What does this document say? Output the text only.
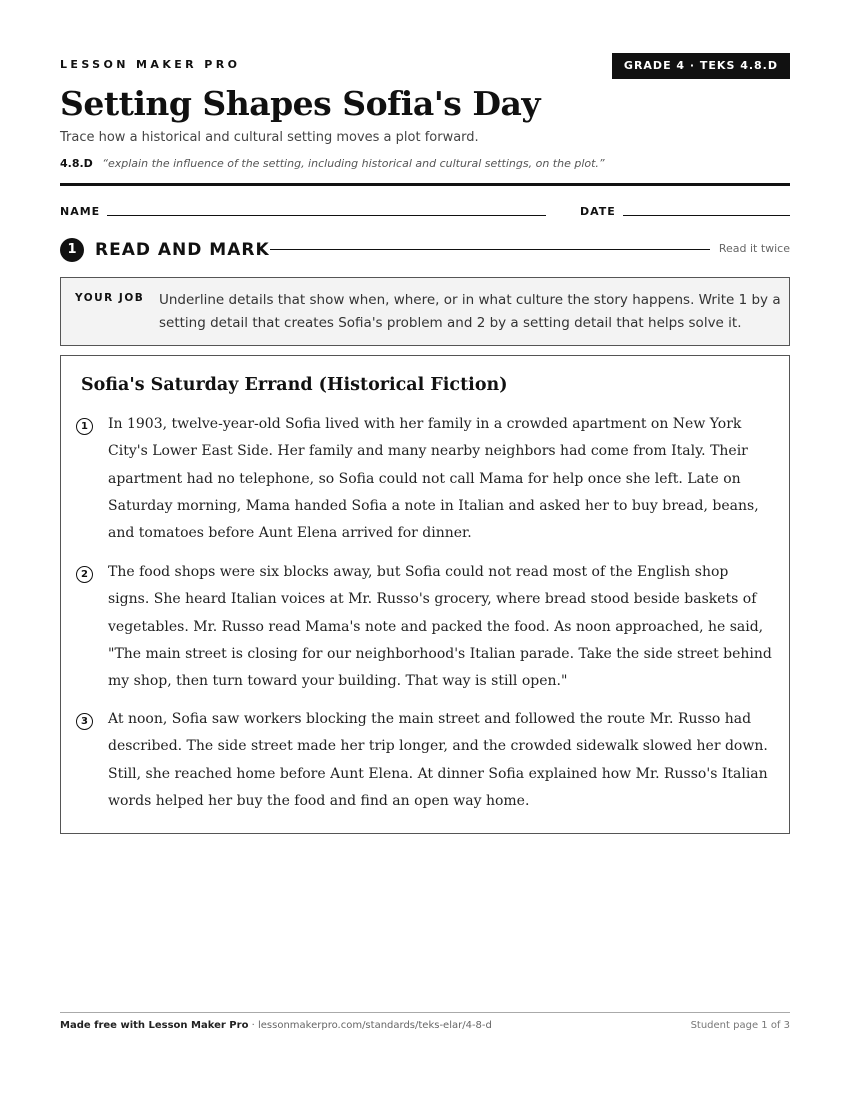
LESSON MAKER PRO	GRADE 4 · TEKS 4.8.D
Setting Shapes Sofia's Day
Trace how a historical and cultural setting moves a plot forward.
4.8.D “explain the influence of the setting, including historical and cultural settings, on the plot.”
NAME	DATE
1	READ AND MARK	Read it twice
YOUR JOB Underline details that show when, where, or in what culture the story happens. Write 1 by a setting detail that creates Sofia's problem and 2 by a setting detail that helps solve it.
Sofia's Saturday Errand (Historical Fiction)
1	In 1903, twelve-year-old Sofia lived with her family in a crowded apartment on New York City's Lower East Side. Her family and many nearby neighbors had come from Italy. Their apartment had no telephone, so Sofia could not call Mama for help once she left. Late on Saturday morning, Mama handed Sofia a note in Italian and asked her to buy bread, beans, and tomatoes before Aunt Elena arrived for dinner.
2	The food shops were six blocks away, but Sofia could not read most of the English shop signs. She heard Italian voices at Mr. Russo's grocery, where bread stood beside baskets of vegetables. Mr. Russo read Mama's note and packed the food. As noon approached, he said, "The main street is closing for our neighborhood's Italian parade. Take the side street behind my shop, then turn toward your building. That way is still open."
3	At noon, Sofia saw workers blocking the main street and followed the route Mr. Russo had described. The side street made her trip longer, and the crowded sidewalk slowed her down. Still, she reached home before Aunt Elena. At dinner Sofia explained how Mr. Russo's Italian words helped her buy the food and find an open way home.
Made free with Lesson Maker Pro · lessonmakerpro.com/standards/teks-elar/4-8-d	Student page 1 of 3
